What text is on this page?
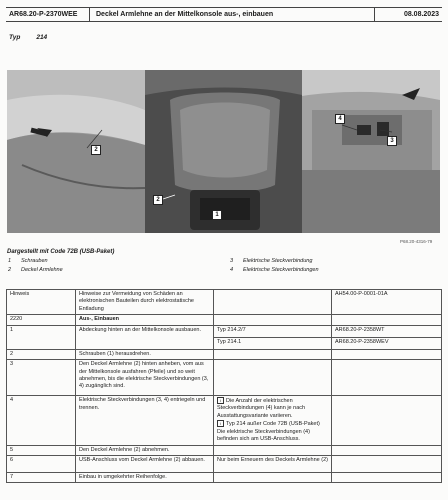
AR68.20-P-2370WEE	Deckel Armlehne an der Mittelkonsole aus-, einbauen	08.08.2023
Typ 214
2
2
1
4
3
P68.20-4316-79
Dargestellt mit Code 72B (USB-Paket)
1	Schrauben
2	Deckel Armlehne
3	Elektrische Steckverbindung
4	Elektrische Steckverbindungen
Hinweis	Hinweise zur Vermeidung von Schäden an elektronischen Bauteilen durch elektrostatische Entladung		AH54.00-P-0001-01A
2220	Aus-, Einbauen		
1	Abdeckung hinten an der Mittelkonsole ausbauen.	Typ 214.2/7	AR68.20-P-2358WT
		Typ 214.1	AR68.20-P-2358WEV
2	Schrauben (1) herausdrehen.		
3	Den Deckel Armlehne (2) hinten anheben, vom aus der Mittelkonsole ausfahren (Pfeile) und so weit abnehmen, bis die elektrische Steckverbindungen (3, 4) zugänglich sind.		
4	Elektrische Steckverbindungen (3, 4) entriegeln und trennen.	i Die Anzahl der elektrischen Steckverbindungen (4) kann je nach Ausstattungsvariante variieren.
i Typ 214 außer Code 72B (USB-Paket)
Die elektrische Steckverbindungen (4) befinden sich am USB-Anschluss.	

5	Den Deckel Armlehne (2) abnehmen.		
6	USB-Anschluss vom Deckel Armlehne (2) abbauen.	Nur beim Erneuern des Deckels Armlehne (2)	
7	Einbau in umgekehrter Reihenfolge.		
